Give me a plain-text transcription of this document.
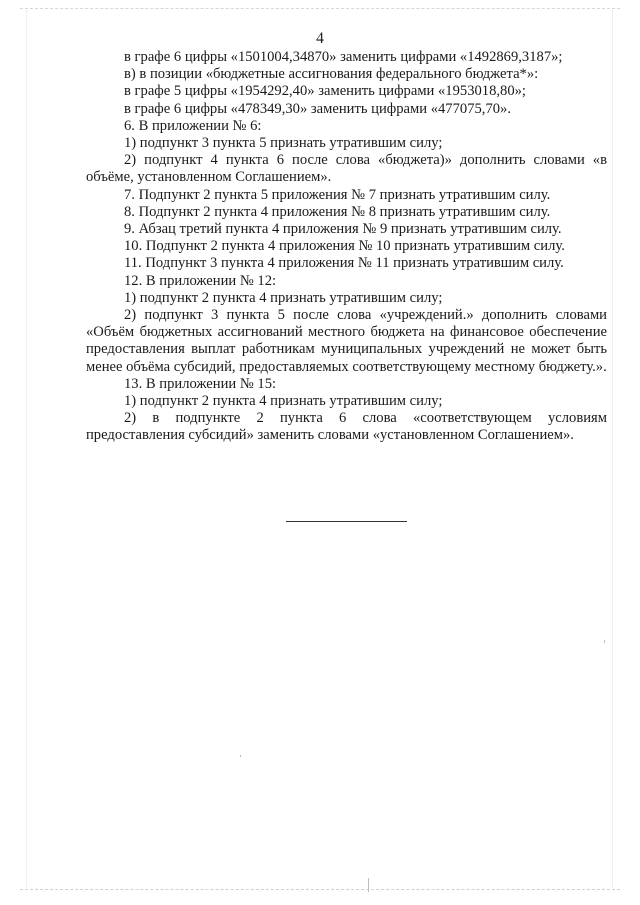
4

в графе 6 цифры «1501004,34870» заменить цифрами «1492869,3187»;

в) в позиции «бюджетные ассигнования федерального бюджета*»:

в графе 5 цифры «1954292,40» заменить цифрами «1953018,80»;

в графе 6 цифры «478349,30» заменить цифрами «477075,70».

6. В приложении № 6:

1) подпункт 3 пункта 5 признать утратившим силу;

2) подпункт 4 пункта 6 после слова «бюджета)» дополнить словами «в объёме, установленном Соглашением».

7. Подпункт 2 пункта 5 приложения № 7 признать утратившим силу.

8. Подпункт 2 пункта 4 приложения № 8 признать утратившим силу.

9. Абзац третий пункта 4 приложения № 9 признать утратившим силу.

10. Подпункт 2 пункта 4 приложения № 10 признать утратившим силу.

11. Подпункт 3 пункта 4 приложения № 11 признать утратившим силу.

12. В приложении № 12:

1) подпункт 2 пункта 4 признать утратившим силу;

2) подпункт 3 пункта 5 после слова «учреждений.» дополнить словами «Объём бюджетных ассигнований местного бюджета на финансовое обеспечение предоставления выплат работникам муниципальных учреждений не может быть менее объёма субсидий, предоставляемых соответствующему местному бюджету.».

13. В приложении № 15:

1) подпункт 2 пункта 4 признать утратившим силу;

2) в подпункте 2 пункта 6 слова «соответствующем условиям предоставления субсидий» заменить словами «установленном Соглашением».
